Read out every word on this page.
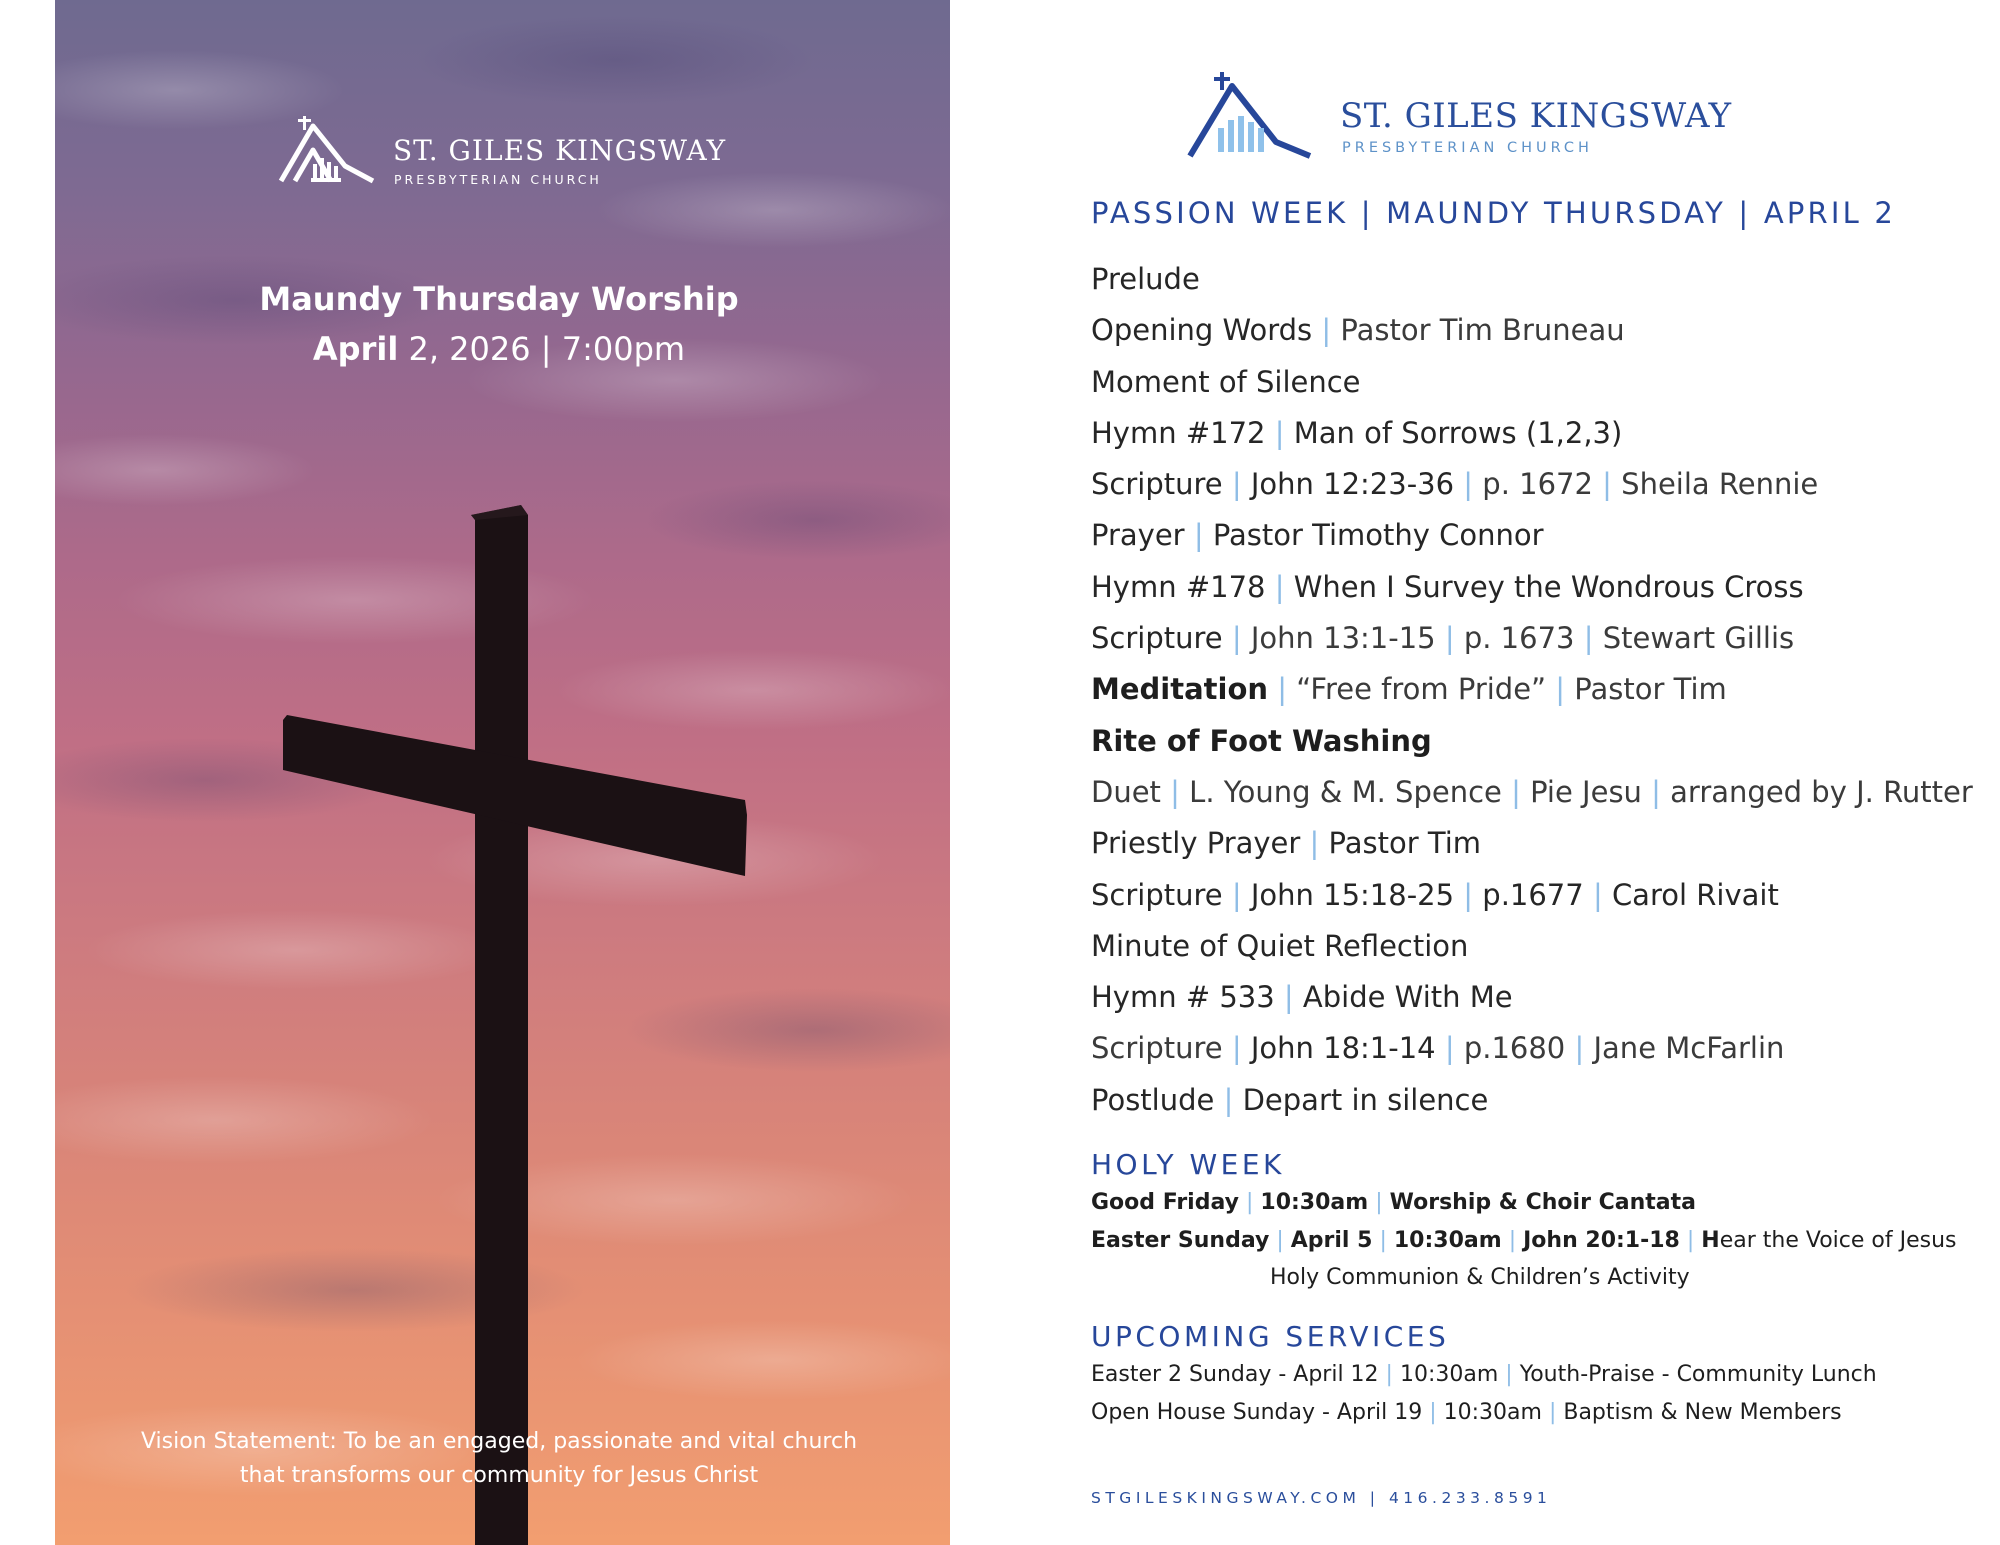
ST. GILES KINGSWAY
PRESBYTERIAN CHURCH
Maundy Thursday Worship
April 2, 2026 | 7:00pm
Vision Statement: To be an engaged, passionate and vital church
that transforms our community for Jesus Christ
ST. GILES KINGSWAY
PRESBYTERIAN CHURCH
PASSION WEEK | MAUNDY THURSDAY | APRIL 2
Prelude
Opening Words | Pastor Tim Bruneau
Moment of Silence
Hymn #172 | Man of Sorrows (1,2,3)
Scripture | John 12:23-36 | p. 1672 | Sheila Rennie
Prayer | Pastor Timothy Connor
Hymn #178 | When I Survey the Wondrous Cross
Scripture | John 13:1-15 | p. 1673 | Stewart Gillis
Meditation | “Free from Pride” | Pastor Tim
Rite of Foot Washing
Duet | L. Young & M. Spence | Pie Jesu | arranged by J. Rutter
Priestly Prayer | Pastor Tim
Scripture | John 15:18-25 | p.1677 | Carol Rivait
Minute of Quiet Reflection
Hymn # 533 | Abide With Me
Scripture | John 18:1-14 | p.1680 | Jane McFarlin
Postlude | Depart in silence
HOLY WEEK
Good Friday | 10:30am | Worship & Choir Cantata
Easter Sunday | April 5 | 10:30am | John 20:1-18 | Hear the Voice of Jesus
Holy Communion & Children’s Activity
UPCOMING SERVICES
Easter 2 Sunday - April 12 | 10:30am | Youth-Praise - Community Lunch
Open House Sunday - April 19 | 10:30am | Baptism & New Members
STGILESKINGSWAY.COM | 416.233.8591
